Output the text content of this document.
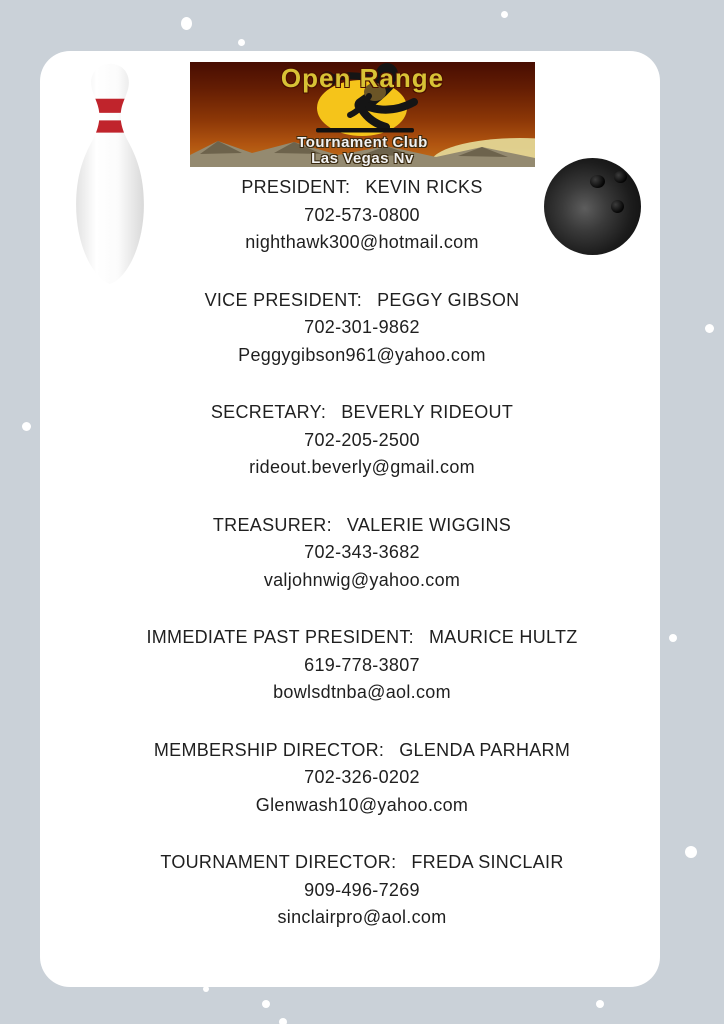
Open Range
Tournament Club
Las Vegas Nv
PRESIDENT: KEVIN RICKS
702-573-0800
nighthawk300@hotmail.com
VICE PRESIDENT: PEGGY GIBSON
702-301-9862
Peggygibson961@yahoo.com
SECRETARY: BEVERLY RIDEOUT
702-205-2500
rideout.beverly@gmail.com
TREASURER: VALERIE WIGGINS
702-343-3682
valjohnwig@yahoo.com
IMMEDIATE PAST PRESIDENT: MAURICE HULTZ
619-778-3807
bowlsdtnba@aol.com
MEMBERSHIP DIRECTOR: GLENDA PARHARM
702-326-0202
Glenwash10@yahoo.com
TOURNAMENT DIRECTOR: FREDA SINCLAIR
909-496-7269
sinclairpro@aol.com
